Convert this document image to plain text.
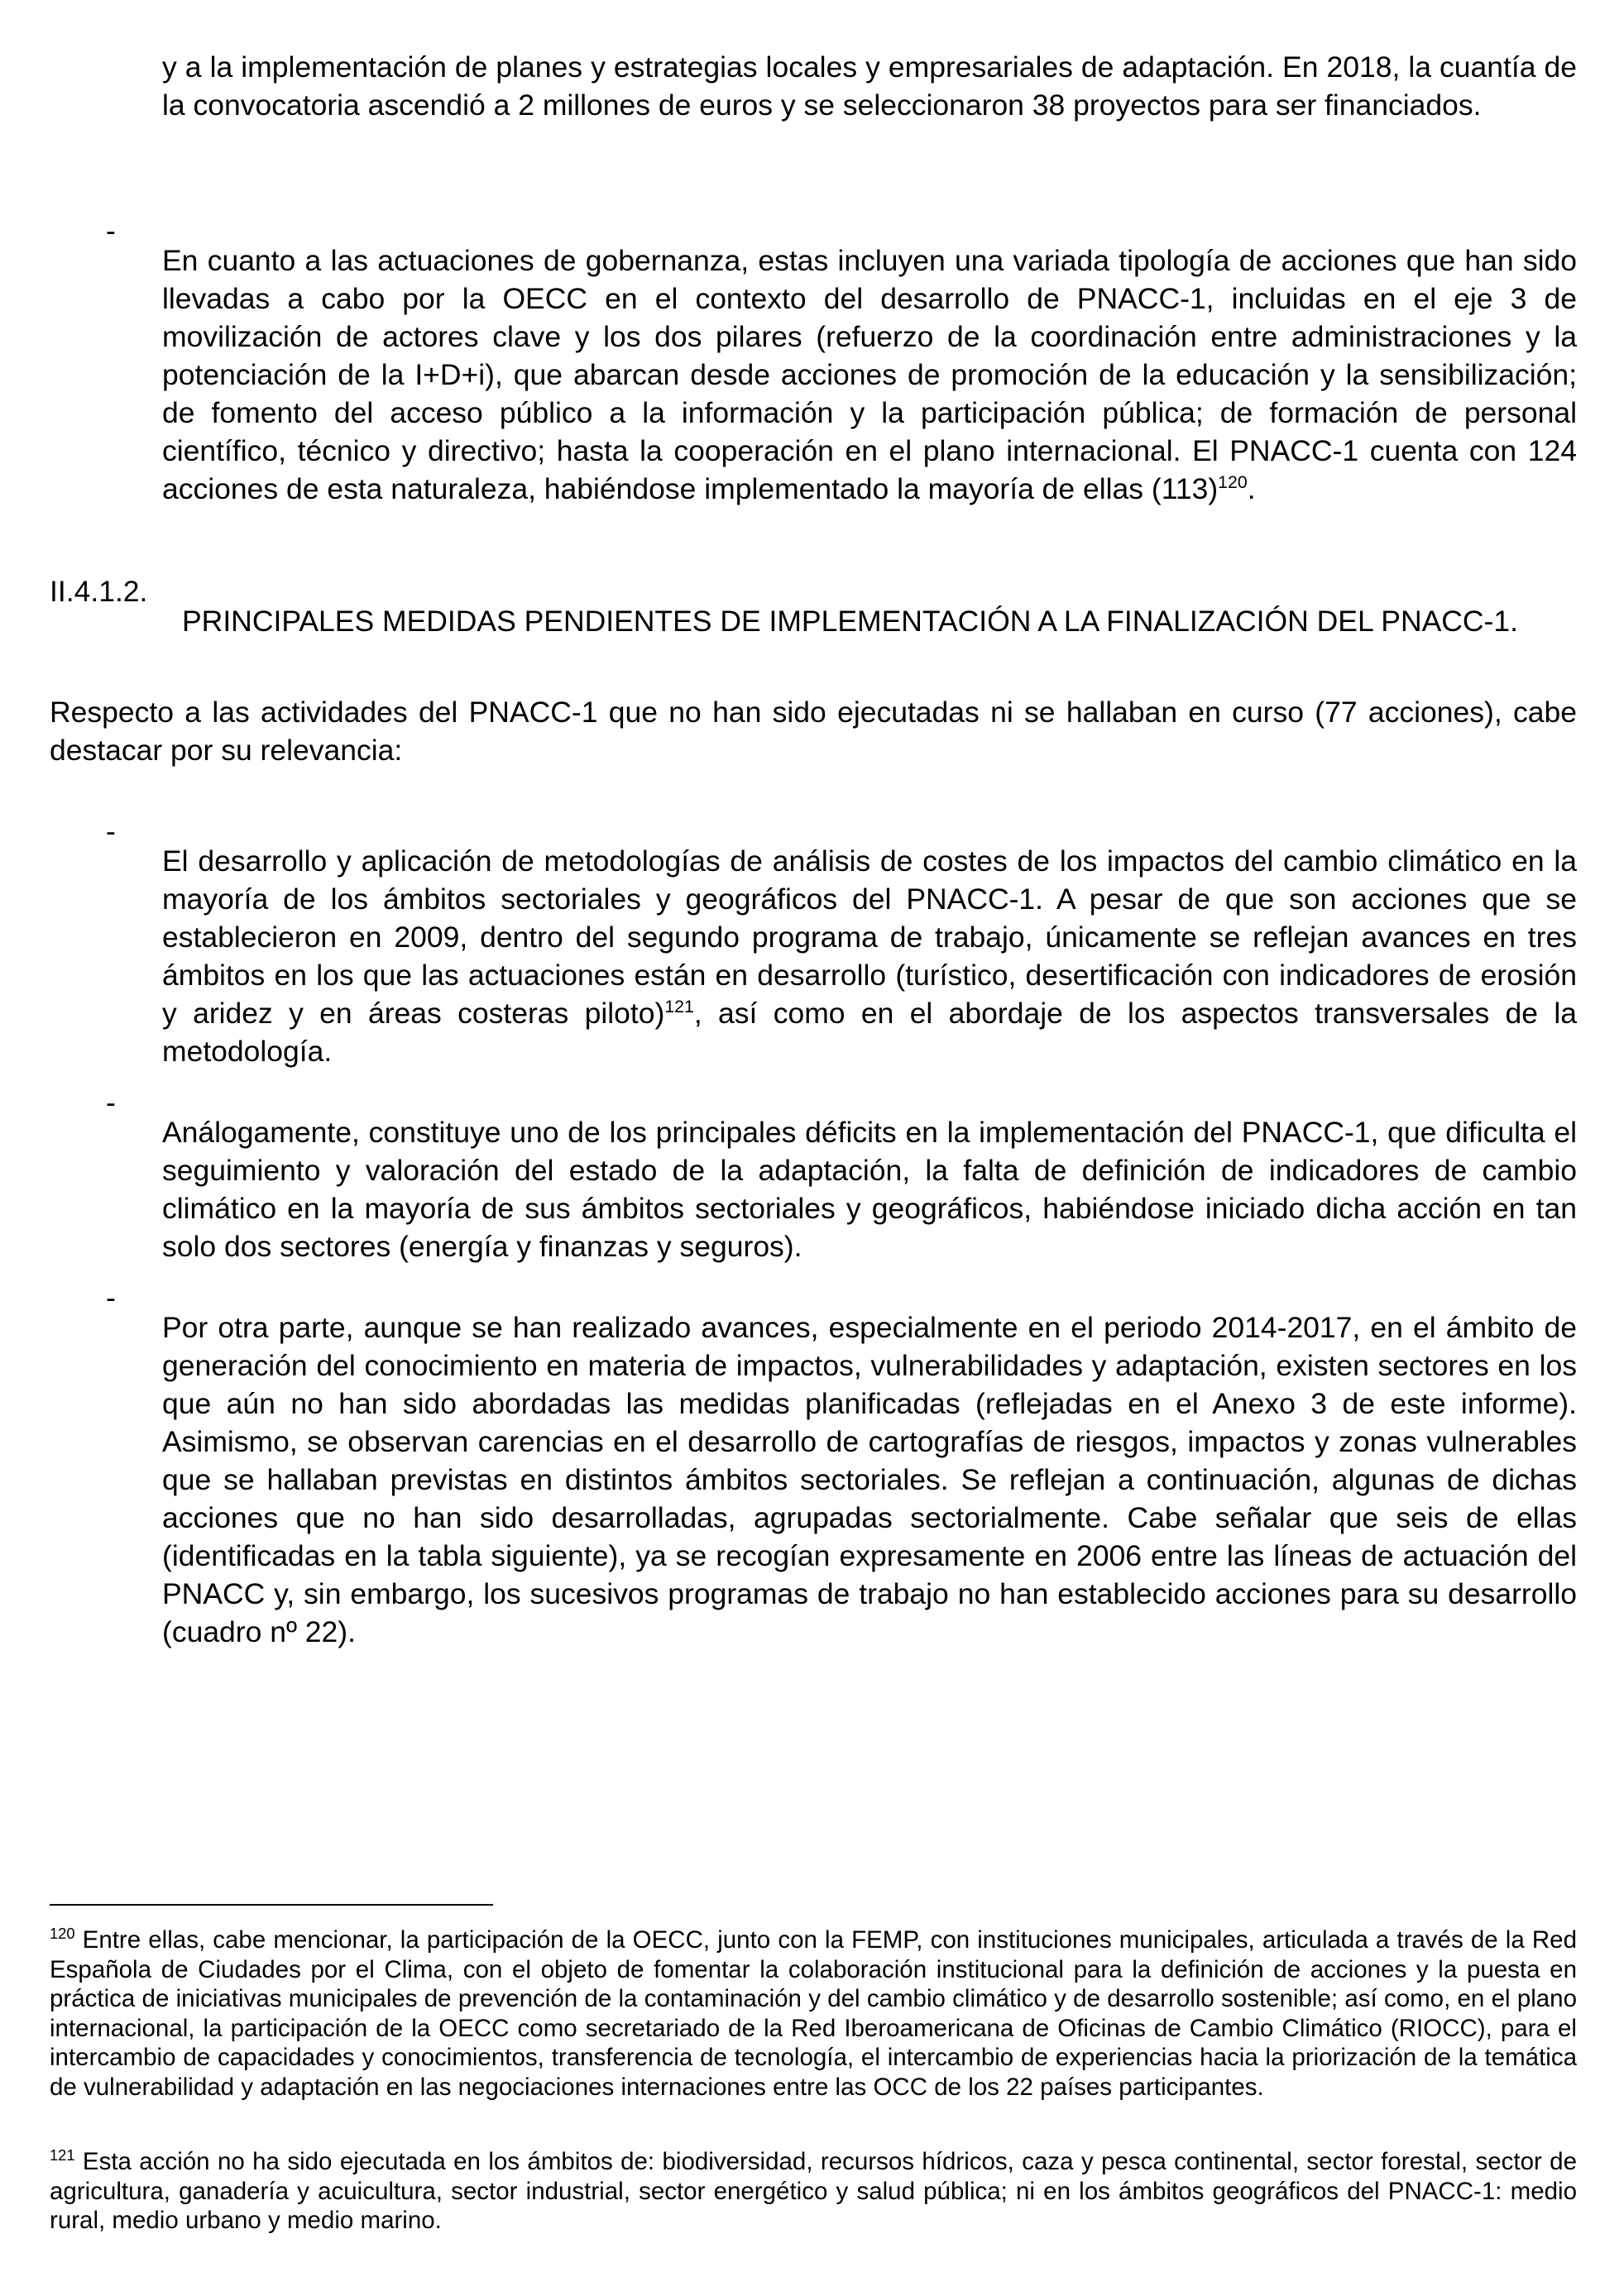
y a la implementación de planes y estrategias locales y empresariales de adaptación. En 2018, la cuantía de la convocatoria ascendió a 2 millones de euros y se seleccionaron 38 proyectos para ser financiados.

-

En cuanto a las actuaciones de gobernanza, estas incluyen una variada tipología de acciones que han sido llevadas a cabo por la OECC en el contexto del desarrollo de PNACC-1, incluidas en el eje 3 de movilización de actores clave y los dos pilares (refuerzo de la coordinación entre administraciones y la potenciación de la I+D+i), que abarcan desde acciones de promoción de la educación y la sensibilización; de fomento del acceso público a la información y la participación pública; de formación de personal científico, técnico y directivo; hasta la cooperación en el plano internacional. El PNACC-1 cuenta con 124 acciones de esta naturaleza, habiéndose implementado la mayoría de ellas $(113)^{120}$.

II.4.1.2.

PRINCIPALES MEDIDAS PENDIENTES DE IMPLEMENTACIÓN A LA FINALIZACIÓN DEL PNACC-1.

Respecto a las actividades del PNACC-1 que no han sido ejecutadas ni se hallaban en curso (77 acciones), cabe destacar por su relevancia:

-

El desarrollo y aplicación de metodologías de análisis de costes de los impactos del cambio climático en la mayoría de los ámbitos sectoriales y geográficos del PNACC-1. A pesar de que son acciones que se establecieron en 2009, dentro del segundo programa de trabajo, únicamente se reflejan avances en tres ámbitos en los que las actuaciones están en desarrollo (turístico, desertificación con indicadores de erosión y aridez y en áreas costeras piloto)$^{121}$, así como en el abordaje de los aspectos transversales de la metodología.

-

Análogamente, constituye uno de los principales déficits en la implementación del PNACC-1, que dificulta el seguimiento y valoración del estado de la adaptación, la falta de definición de indicadores de cambio climático en la mayoría de sus ámbitos sectoriales y geográficos, habiéndose iniciado dicha acción en tan solo dos sectores (energía y finanzas y seguros).

-

Por otra parte, aunque se han realizado avances, especialmente en el periodo 2014-2017, en el ámbito de generación del conocimiento en materia de impactos, vulnerabilidades y adaptación, existen sectores en los que aún no han sido abordadas las medidas planificadas (reflejadas en el Anexo 3 de este informe). Asimismo, se observan carencias en el desarrollo de cartografías de riesgos, impactos y zonas vulnerables que se hallaban previstas en distintos ámbitos sectoriales. Se reflejan a continuación, algunas de dichas acciones que no han sido desarrolladas, agrupadas sectorialmente. Cabe señalar que seis de ellas (identificadas en la tabla siguiente), ya se recogían expresamente en 2006 entre las líneas de actuación del PNACC y, sin embargo, los sucesivos programas de trabajo no han establecido acciones para su desarrollo (cuadro nº 22).

$^{120}$ Entre ellas, cabe mencionar, la participación de la OECC, junto con la FEMP, con instituciones municipales, articulada a través de la Red Española de Ciudades por el Clima, con el objeto de fomentar la colaboración institucional para la definición de acciones y la puesta en práctica de iniciativas municipales de prevención de la contaminación y del cambio climático y de desarrollo sostenible; así como, en el plano internacional, la participación de la OECC como secretariado de la Red Iberoamericana de Oficinas de Cambio Climático (RIOCC), para el intercambio de capacidades y conocimientos, transferencia de tecnología, el intercambio de experiencias hacia la priorización de la temática de vulnerabilidad y adaptación en las negociaciones internaciones entre las OCC de los 22 países participantes.
$^{121}$ Esta acción no ha sido ejecutada en los ámbitos de: biodiversidad, recursos hídricos, caza y pesca continental, sector forestal, sector de agricultura, ganadería y acuicultura, sector industrial, sector energético y salud pública; ni en los ámbitos geográficos del PNACC-1: medio rural, medio urbano y medio marino.
